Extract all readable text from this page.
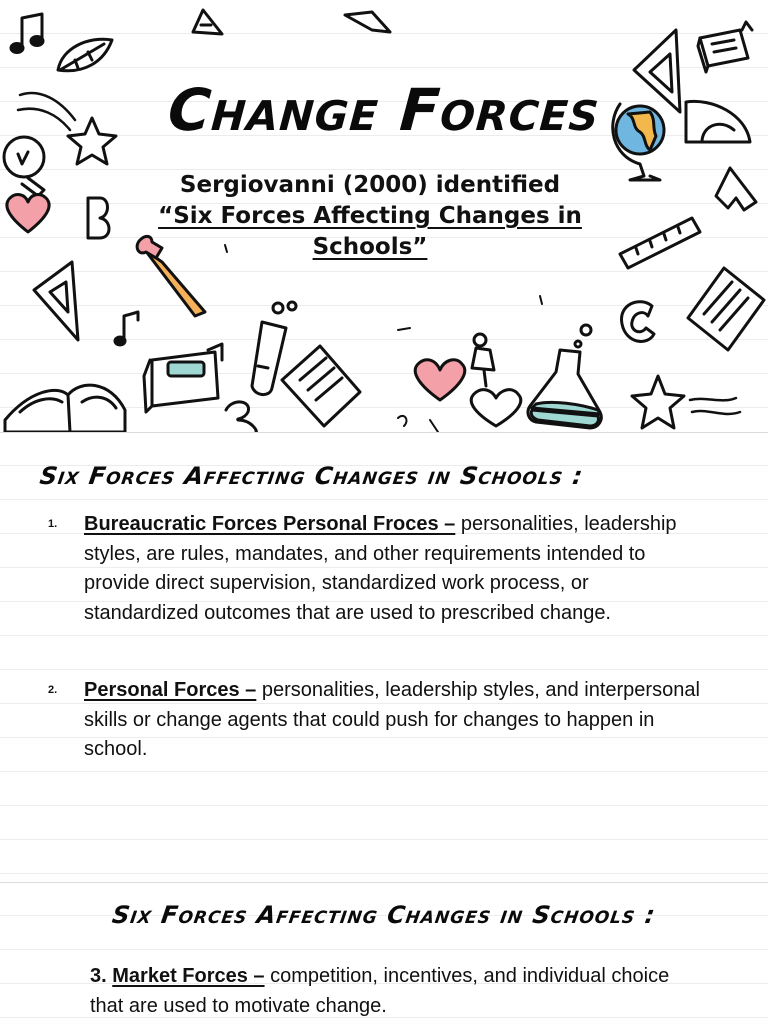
Change Forces
Sergiovanni (2000) identified
“Six Forces Affecting Changes in Schools”
Six Forces Affecting Changes in Schools :
1. Bureaucratic Forces Personal Froces – personalities, leadership styles, are rules, mandates, and other requirements intended to provide direct supervision, standardized work process, or standardized outcomes that are used to prescribed change.
2. Personal Forces – personalities, leadership styles, and interpersonal skills or change agents that could push for changes to happen in school.
Six Forces Affecting Changes in Schools :
3. Market Forces – competition, incentives, and individual choice that are used to motivate change.
